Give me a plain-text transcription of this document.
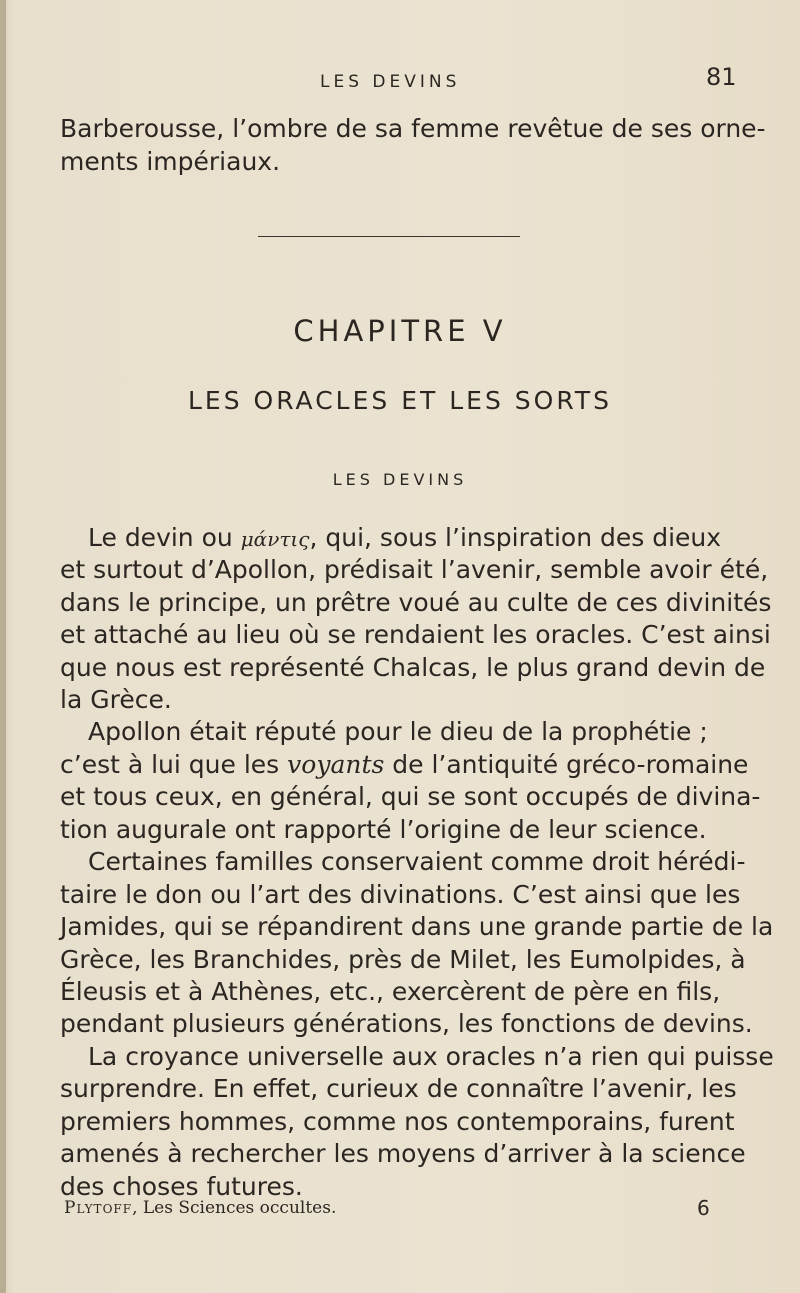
LES DEVINS	81
Barberousse, l’ombre de sa femme revêtue de ses orne-
ments impériaux.
CHAPITRE V
LES ORACLES ET LES SORTS
LES DEVINS
Le devin ou μάντις, qui, sous l’inspiration des dieux
et surtout d’Apollon, prédisait l’avenir, semble avoir été,
dans le principe, un prêtre voué au culte de ces divinités
et attaché au lieu où se rendaient les oracles. C’est ainsi
que nous est représenté Chalcas, le plus grand devin de
la Grèce.
Apollon était réputé pour le dieu de la prophétie ;
c’est à lui que les voyants de l’antiquité gréco-romaine
et tous ceux, en général, qui se sont occupés de divina-
tion augurale ont rapporté l’origine de leur science.
Certaines familles conservaient comme droit hérédi-
taire le don ou l’art des divinations. C’est ainsi que les
Jamides, qui se répandirent dans une grande partie de la
Grèce, les Branchides, près de Milet, les Eumolpides, à
Éleusis et à Athènes, etc., exercèrent de père en fils,
pendant plusieurs générations, les fonctions de devins.
La croyance universelle aux oracles n’a rien qui puisse
surprendre. En effet, curieux de connaître l’avenir, les
premiers hommes, comme nos contemporains, furent
amenés à rechercher les moyens d’arriver à la science
des choses futures.
Plytoff, Les Sciences occultes.	6
